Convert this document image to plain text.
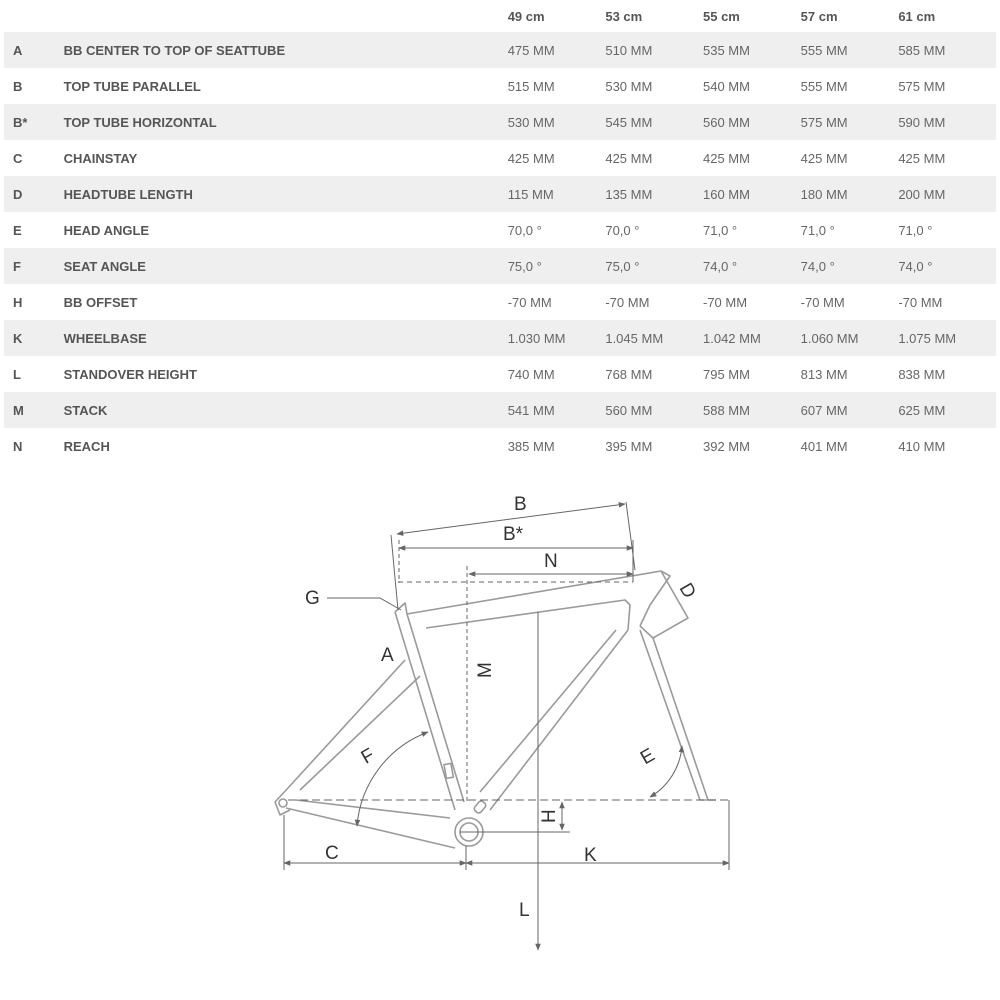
		49 cm	53 cm	55 cm	57 cm	61 cm
A	BB CENTER TO TOP OF SEATTUBE	475 MM	510 MM	535 MM	555 MM	585 MM
B	TOP TUBE PARALLEL	515 MM	530 MM	540 MM	555 MM	575 MM
B*	TOP TUBE HORIZONTAL	530 MM	545 MM	560 MM	575 MM	590 MM
C	CHAINSTAY	425 MM	425 MM	425 MM	425 MM	425 MM
D	HEADTUBE LENGTH	115 MM	135 MM	160 MM	180 MM	200 MM
E	HEAD ANGLE	70,0 °	70,0 °	71,0 °	71,0 °	71,0 °
F	SEAT ANGLE	75,0 °	75,0 °	74,0 °	74,0 °	74,0 °
H	BB OFFSET	-70 MM	-70 MM	-70 MM	-70 MM	-70 MM
K	WHEELBASE	1.030 MM	1.045 MM	1.042 MM	1.060 MM	1.075 MM
L	STANDOVER HEIGHT	740 MM	768 MM	795 MM	813 MM	838 MM
M	STACK	541 MM	560 MM	588 MM	607 MM	625 MM
N	REACH	385 MM	395 MM	392 MM	401 MM	410 MM
B
B*
N
G	D
A
M
F	E
H
C	K
L
